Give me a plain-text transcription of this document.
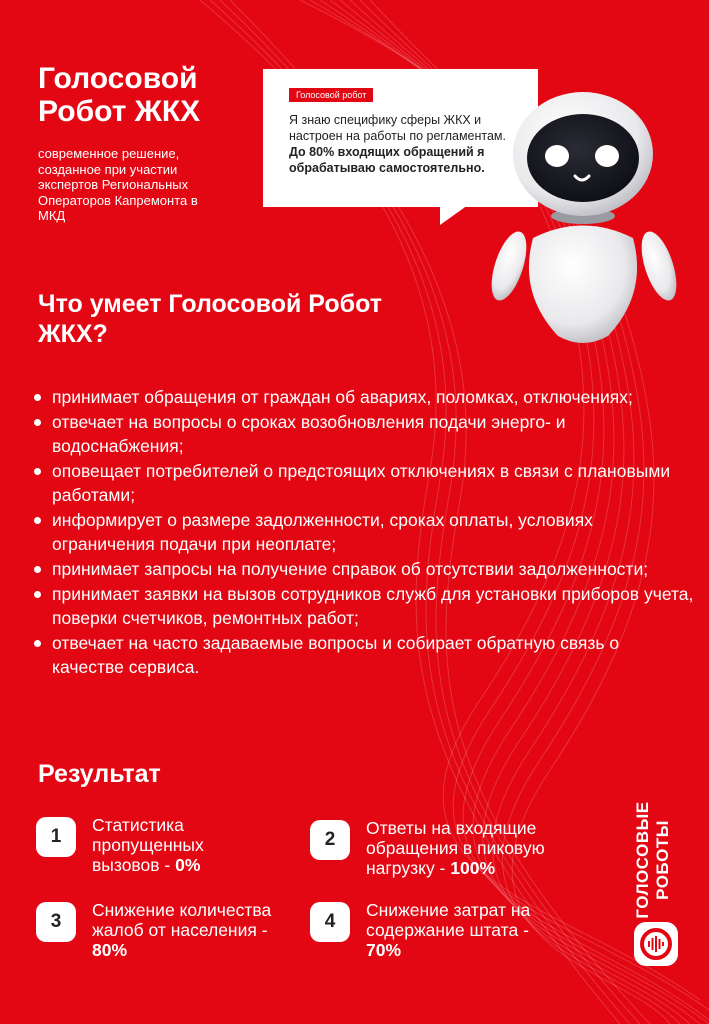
Голосовой Робот ЖКХ

современное решение, созданное при участии экспертов Региональных Операторов Капремонта в МКД

Голосовой робот
Я знаю специфику сферы ЖКХ и настроен на работы по регламентам. До 80% входящих обращений я обрабатываю самостоятельно.
Что умеет Голосовой Робот ЖКХ?
принимает обращения от граждан об авариях, поломках, отключениях;
отвечает на вопросы о сроках возобновления подачи энерго- и водоснабжения;
оповещает потребителей о предстоящих отключениях в связи с плановыми работами;
информирует о размере задолженности, сроках оплаты, условиях ограничения подачи при неоплате;
принимает запросы на получение справок об отсутствии задолженности;
принимает заявки на вызов сотрудников служб для установки приборов учета, поверки счетчиков, ремонтных работ;
отвечает на часто задаваемые вопросы и собирает обратную связь о качестве сервиса.
Результат
1
Статистика пропущенных вызовов - 0%
2
Ответы на входящие обращения в пиковую нагрузку - 100%
3
Снижение количества жалоб от населения - 80%
4
Снижение затрат на содержание штата - 70%
ГОЛОСОВЫЕ РОБОТЫ
